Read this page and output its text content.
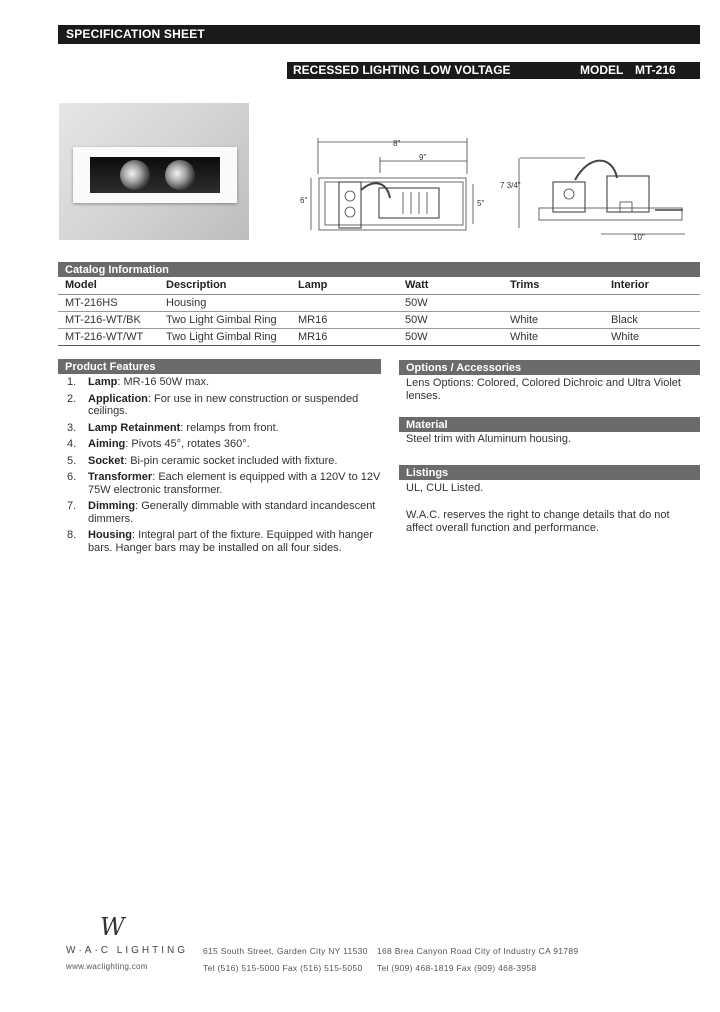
SPECIFICATION SHEET
RECESSED LIGHTING LOW VOLTAGE	MODEL MT-216
8"
9"
6"	5"
7 3/4"
10"
Catalog Information
Model	Description	Lamp	Watt	Trims	Interior
MT-216HS	Housing		50W		
MT-216-WT/BK	Two Light Gimbal Ring	MR16	50W	White	Black
MT-216-WT/WT	Two Light Gimbal Ring	MR16	50W	White	White
Product Features
1. Lamp: MR-16 50W max.
2. Application: For use in new construction or suspended ceilings.
3. Lamp Retainment: relamps from front.
4. Aiming: Pivots 45°, rotates 360°.
5. Socket: Bi-pin ceramic socket included with fixture.
6. Transformer: Each element is equipped with a 120V to 12V 75W electronic transformer.
7. Dimming: Generally dimmable with standard incandescent dimmers.
8. Housing: Integral part of the fixture. Equipped with hanger bars. Hanger bars may be installed on all four sides.
Options / Accessories
Lens Options: Colored, Colored Dichroic and Ultra Violet lenses.
Material
Steel trim with Aluminum housing.
Listings
UL, CUL Listed.
W.A.C. reserves the right to change details that do not affect overall function and performance.
W
W·A·C LIGHTING
www.waclighting.com
615 South Street, Garden City NY 11530
Tel (516) 515-5000 Fax (516) 515-5050
168 Brea Canyon Road City of Industry CA 91789
Tel (909) 468-1819 Fax (909) 468-3958
